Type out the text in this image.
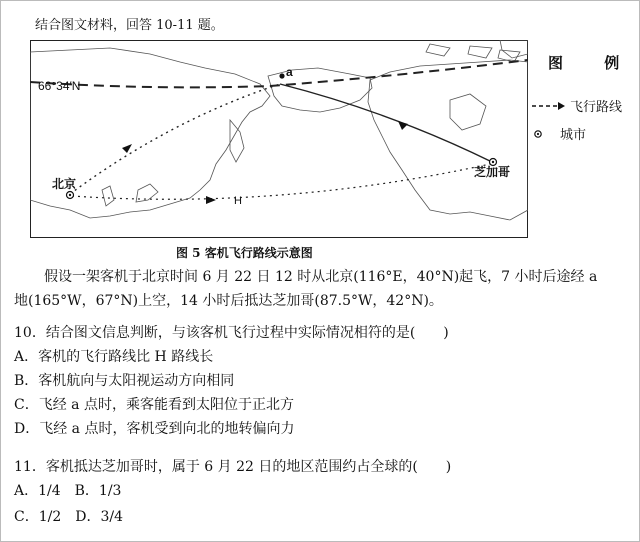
结合图文材料，回答 10-11 题。
66°34′N
H
a
北京
芝加哥
图 例
飞行路线
城市
图 5 客机飞行路线示意图
假设一架客机于北京时间 6 月 22 日 12 时从北京(116°E，40°N)起飞，7 小时后途经 a
地(165°W，67°N)上空，14 小时后抵达芝加哥(87.5°W，42°N)。
10．结合图文信息判断，与该客机飞行过程中实际情况相符的是(　　)
A．客机的飞行路线比 H 路线长
B．客机航向与太阳视运动方向相同
C．飞经 a 点时，乘客能看到太阳位于正北方
D．飞经 a 点时，客机受到向北的地转偏向力
11．客机抵达芝加哥时，属于 6 月 22 日的地区范围约占全球的(　　)
A．1/4　B．1/3
C．1/2　D．3/4
